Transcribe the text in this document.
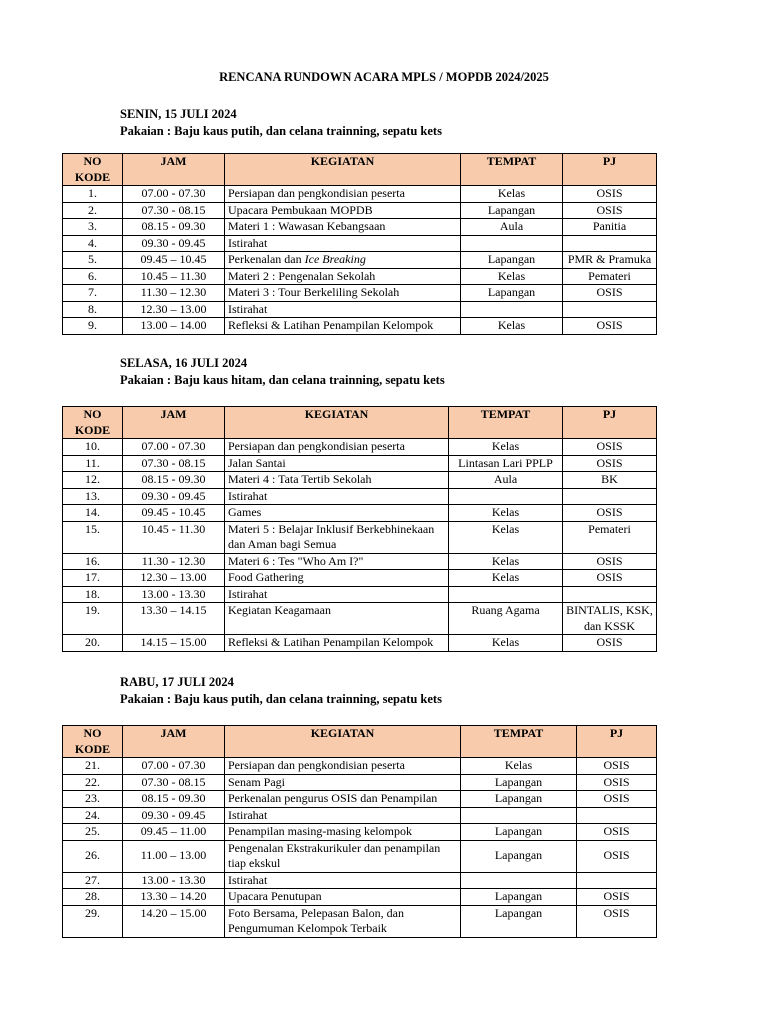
RENCANA RUNDOWN ACARA MPLS / MOPDB 2024/2025
SENIN, 15 JULI 2024
Pakaian : Baju kaus putih, dan celana trainning, sepatu kets
NO
KODE	JAM	KEGIATAN	TEMPAT	PJ
1.	07.00 - 07.30	Persiapan dan pengkondisian peserta	Kelas	OSIS
2.	07.30 - 08.15	Upacara Pembukaan MOPDB	Lapangan	OSIS
3.	08.15 - 09.30	Materi 1 : Wawasan Kebangsaan	Aula	Panitia
4.	09.30 - 09.45	Istirahat		
5.	09.45 – 10.45	Perkenalan dan Ice Breaking	Lapangan	PMR & Pramuka
6.	10.45 – 11.30	Materi 2 : Pengenalan Sekolah	Kelas	Pemateri
7.	11.30 – 12.30	Materi 3 : Tour Berkeliling Sekolah	Lapangan	OSIS
8.	12.30 – 13.00	Istirahat		
9.	13.00 – 14.00	Refleksi & Latihan Penampilan Kelompok	Kelas	OSIS
SELASA, 16 JULI 2024
Pakaian : Baju kaus hitam, dan celana trainning, sepatu kets
NO
KODE	JAM	KEGIATAN	TEMPAT	PJ
10.	07.00 - 07.30	Persiapan dan pengkondisian peserta	Kelas	OSIS
11.	07.30 - 08.15	Jalan Santai	Lintasan Lari PPLP	OSIS
12.	08.15 - 09.30	Materi 4 : Tata Tertib Sekolah	Aula	BK
13.	09.30 - 09.45	Istirahat		
14.	09.45 - 10.45	Games	Kelas	OSIS
15.	10.45 - 11.30	Materi 5 : Belajar Inklusif Berkebhinekaan dan Aman bagi Semua	Kelas	Pemateri
16.	11.30 - 12.30	Materi 6 : Tes "Who Am I?"	Kelas	OSIS
17.	12.30 – 13.00	Food Gathering	Kelas	OSIS
18.	13.00 - 13.30	Istirahat		
19.	13.30 – 14.15	Kegiatan Keagamaan	Ruang Agama	BINTALIS, KSK, dan KSSK
20.	14.15 – 15.00	Refleksi & Latihan Penampilan Kelompok	Kelas	OSIS
RABU, 17 JULI 2024
Pakaian : Baju kaus putih, dan celana trainning, sepatu kets
NO
KODE	JAM	KEGIATAN	TEMPAT	PJ
21.	07.00 - 07.30	Persiapan dan pengkondisian peserta	Kelas	OSIS
22.	07.30 - 08.15	Senam Pagi	Lapangan	OSIS
23.	08.15 - 09.30	Perkenalan pengurus OSIS dan Penampilan	Lapangan	OSIS
24.	09.30 - 09.45	Istirahat		
25.	09.45 – 11.00	Penampilan masing-masing kelompok	Lapangan	OSIS
26.	11.00 – 13.00	Pengenalan Ekstrakurikuler dan penampilan tiap ekskul	Lapangan	OSIS
27.	13.00 - 13.30	Istirahat		
28.	13.30 – 14.20	Upacara Penutupan	Lapangan	OSIS
29.	14.20 – 15.00	Foto Bersama, Pelepasan Balon, dan Pengumuman Kelompok Terbaik	Lapangan	OSIS
